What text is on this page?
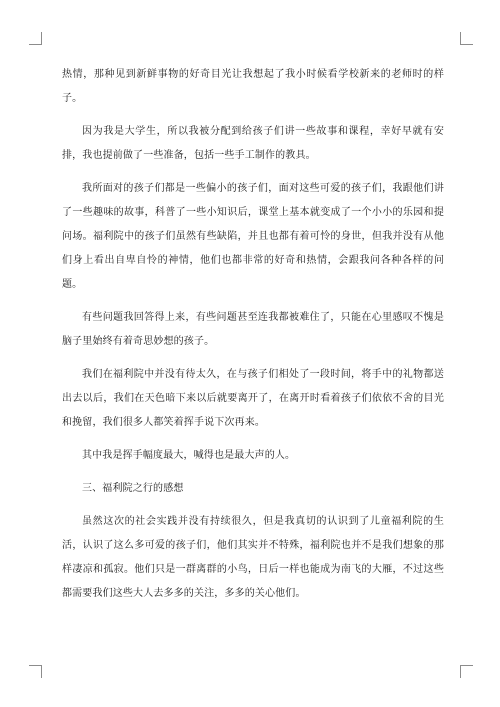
热情，那种见到新鲜事物的好奇目光让我想起了我小时候看学校新来的老师时的样子。

因为我是大学生，所以我被分配到给孩子们讲一些故事和课程，幸好早就有安排，我也提前做了一些准备，包括一些手工制作的教具。

我所面对的孩子们都是一些偏小的孩子们，面对这些可爱的孩子们，我跟他们讲了一些趣味的故事，科普了一些小知识后，课堂上基本就变成了一个小小的乐园和提问场。福利院中的孩子们虽然有些缺陷，并且也都有着可怜的身世，但我并没有从他们身上看出自卑自怜的神情，他们也都非常的好奇和热情，会跟我问各种各样的问题。

有些问题我回答得上来，有些问题甚至连我都被难住了，只能在心里感叹不愧是脑子里始终有着奇思妙想的孩子。

我们在福利院中并没有待太久，在与孩子们相处了一段时间，将手中的礼物都送出去以后，我们在天色暗下来以后就要离开了，在离开时看着孩子们依依不舍的目光和挽留，我们很多人都笑着挥手说下次再来。

其中我是挥手幅度最大，喊得也是最大声的人。

三、福利院之行的感想

虽然这次的社会实践并没有持续很久，但是我真切的认识到了儿童福利院的生活，认识了这么多可爱的孩子们，他们其实并不特殊，福利院也并不是我们想象的那样凄凉和孤寂。他们只是一群离群的小鸟，日后一样也能成为南飞的大雁，不过这些都需要我们这些大人去多多的关注，多多的关心他们。
